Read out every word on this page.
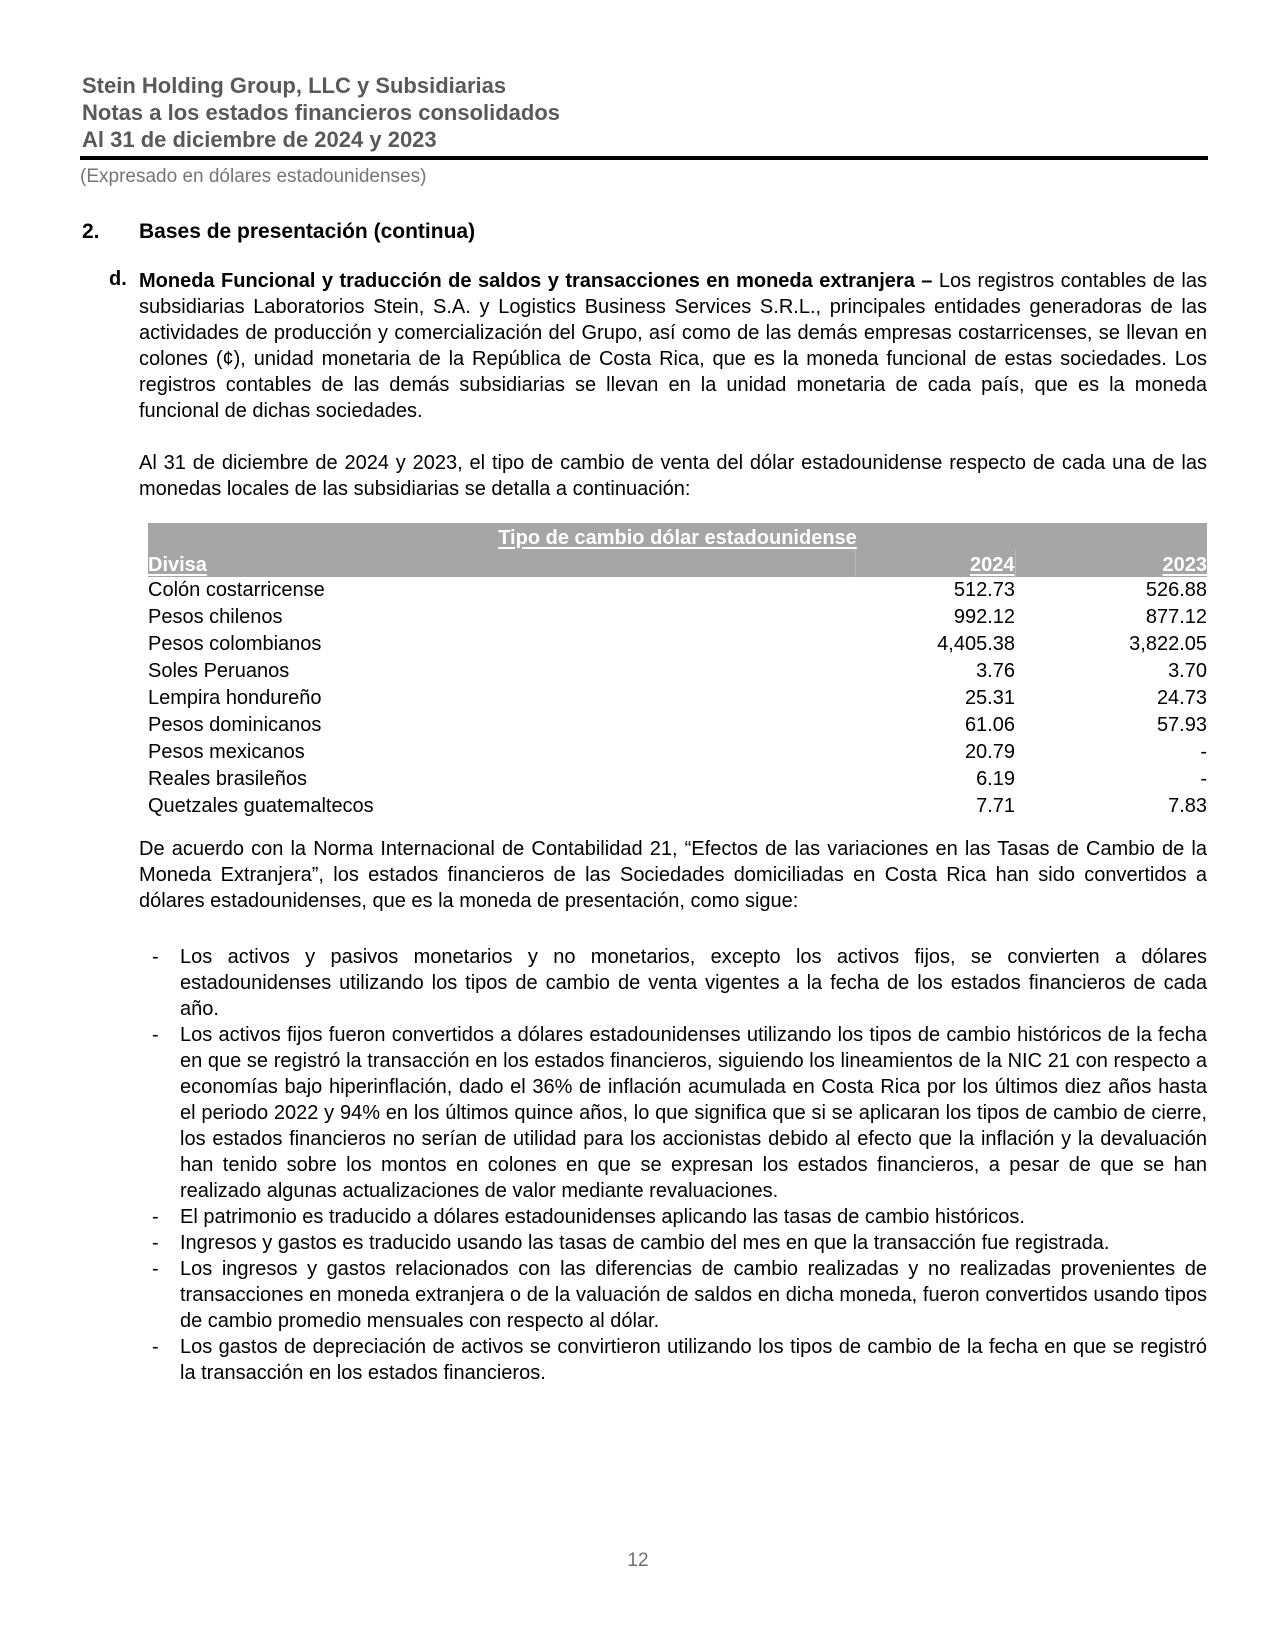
Stein Holding Group, LLC y Subsidiarias
Notas a los estados financieros consolidados
Al 31 de diciembre de 2024 y 2023
(Expresado en dólares estadounidenses)
2. Bases de presentación (continua)
d. Moneda Funcional y traducción de saldos y transacciones en moneda extranjera – Los registros contables de las subsidiarias Laboratorios Stein, S.A. y Logistics Business Services S.R.L., principales entidades generadoras de las actividades de producción y comercialización del Grupo, así como de las demás empresas costarricenses, se llevan en colones (¢), unidad monetaria de la República de Costa Rica, que es la moneda funcional de estas sociedades. Los registros contables de las demás subsidiarias se llevan en la unidad monetaria de cada país, que es la moneda funcional de dichas sociedades.
Al 31 de diciembre de 2024 y 2023, el tipo de cambio de venta del dólar estadounidense respecto de cada una de las monedas locales de las subsidiarias se detalla a continuación:
Tipo de cambio dólar estadounidense		
Divisa	2024	2023
Colón costarricense	512.73	526.88
Pesos chilenos	992.12	877.12
Pesos colombianos	4,405.38	3,822.05
Soles Peruanos	3.76	3.70
Lempira hondureño	25.31	24.73
Pesos dominicanos	61.06	57.93
Pesos mexicanos	20.79	-
Reales brasileños	6.19	-
Quetzales guatemaltecos	7.71	7.83
De acuerdo con la Norma Internacional de Contabilidad 21, “Efectos de las variaciones en las Tasas de Cambio de la Moneda Extranjera”, los estados financieros de las Sociedades domiciliadas en Costa Rica han sido convertidos a dólares estadounidenses, que es la moneda de presentación, como sigue:
-	Los activos y pasivos monetarios y no monetarios, excepto los activos fijos, se convierten a dólares estadounidenses utilizando los tipos de cambio de venta vigentes a la fecha de los estados financieros de cada año.
-	Los activos fijos fueron convertidos a dólares estadounidenses utilizando los tipos de cambio históricos de la fecha en que se registró la transacción en los estados financieros, siguiendo los lineamientos de la NIC 21 con respecto a economías bajo hiperinflación, dado el 36% de inflación acumulada en Costa Rica por los últimos diez años hasta el periodo 2022 y 94% en los últimos quince años, lo que significa que si se aplicaran los tipos de cambio de cierre, los estados financieros no serían de utilidad para los accionistas debido al efecto que la inflación y la devaluación han tenido sobre los montos en colones en que se expresan los estados financieros, a pesar de que se han realizado algunas actualizaciones de valor mediante revaluaciones.
-	El patrimonio es traducido a dólares estadounidenses aplicando las tasas de cambio históricos.
-	Ingresos y gastos es traducido usando las tasas de cambio del mes en que la transacción fue registrada.
-	Los ingresos y gastos relacionados con las diferencias de cambio realizadas y no realizadas provenientes de transacciones en moneda extranjera o de la valuación de saldos en dicha moneda, fueron convertidos usando tipos de cambio promedio mensuales con respecto al dólar.
-	Los gastos de depreciación de activos se convirtieron utilizando los tipos de cambio de la fecha en que se registró la transacción en los estados financieros.
12
